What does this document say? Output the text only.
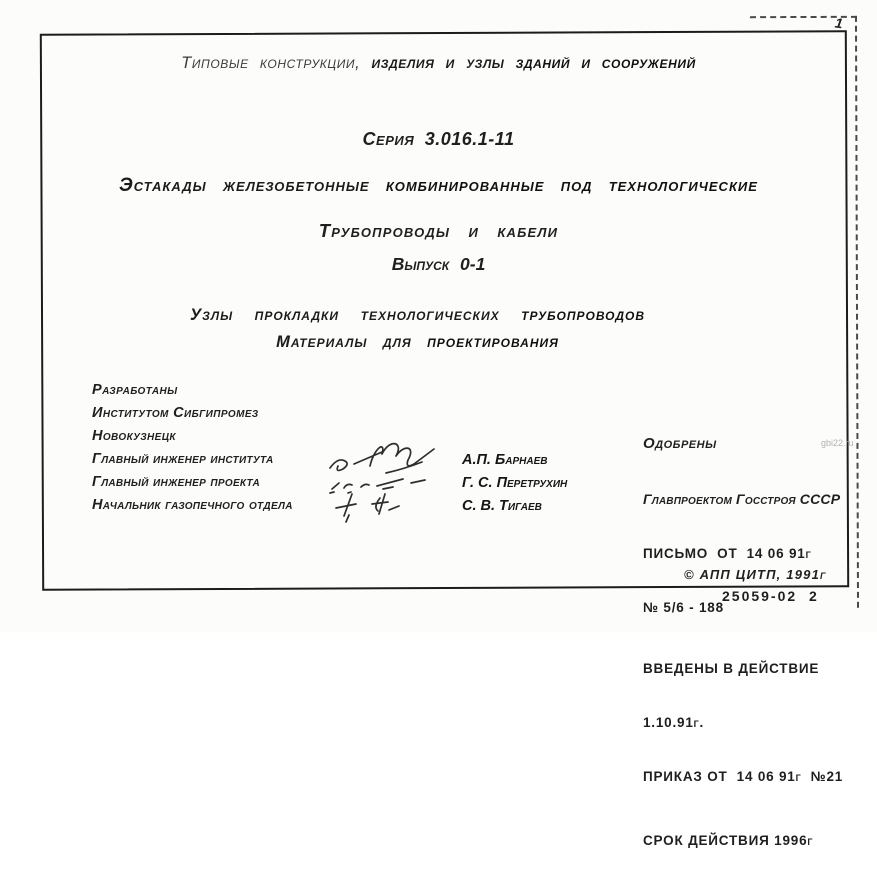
1
Типовые конструкции, изделия и узлы зданий и сооружений
Серия 3.016.1-11
Эстакады железобетонные комбинированные под технологические
Трубопроводы и кабели
Выпуск 0-1
Узлы прокладки технологических трубопроводов
Материалы для проектирования
Разработаны
Институтом Сибгипромез
Новокузнецк
Главный инженер института	А.П. Барнаев
Главный инженер проекта	Г. С. Перетрухин
Начальник газопечного отдела	С. В. Тигаев

Одобрены

Главпроектом Госстроя СССР

ПИСЬМО  ОТ  14 06 91г

№ 5/6 - 188

ВВЕДЕНЫ В ДЕЙСТВИЕ

1.10.91г.

ПРИКАЗ ОТ  14 06 91г  №21

СРОК ДЕЙСТВИЯ 1996г

gbi22.ru
© АПП ЦИТП, 1991г
25059-02  2
